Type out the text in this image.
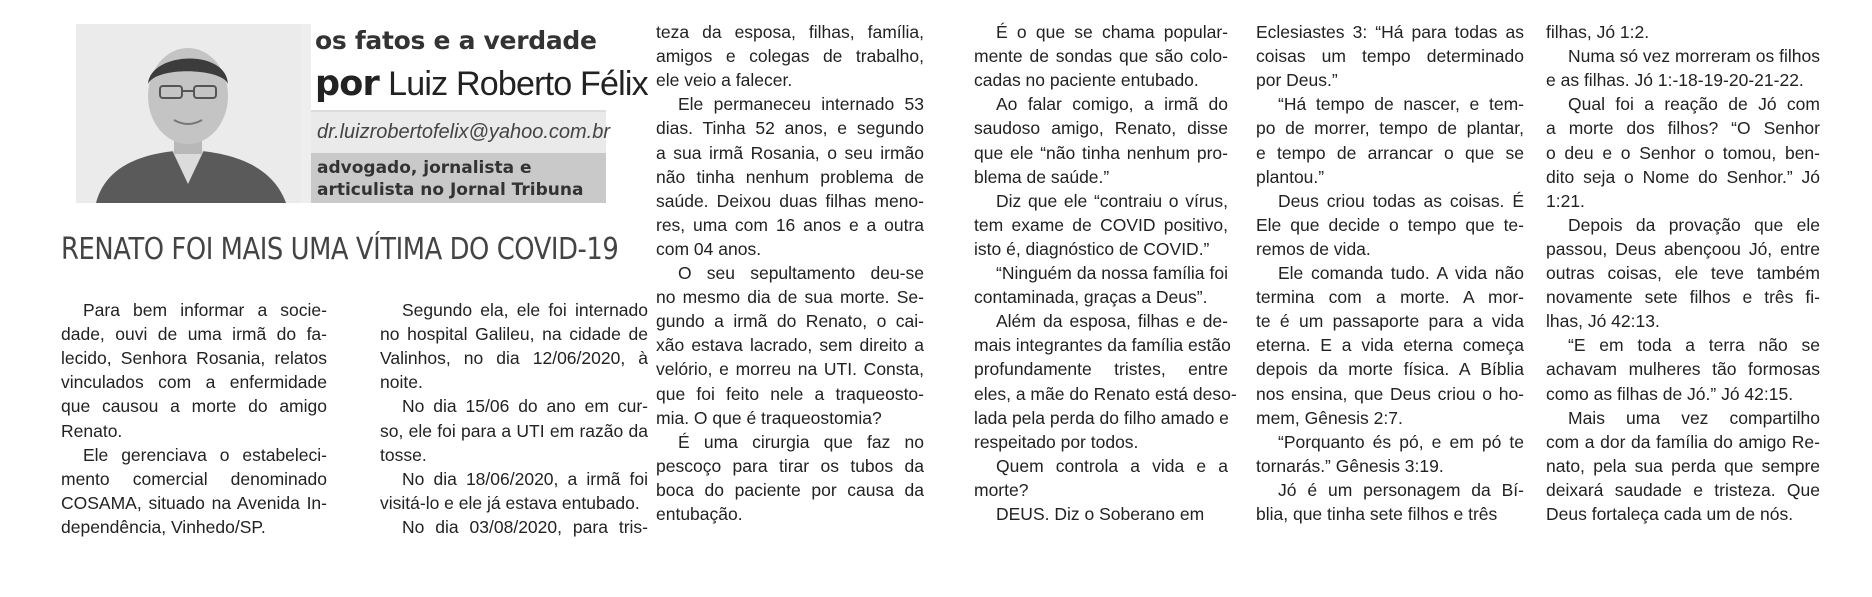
os fatos e a verdade
por Luiz Roberto Félix
dr.luizrobertofelix@yahoo.com.br
advogado, jornalista e
articulista no Jornal Tribuna
RENATO FOI MAIS UMA VÍTIMA DO COVID-19
Para bem informar a socie-
dade, ouvi de uma irmã do fa-
lecido, Senhora Rosania, relatos
vinculados com a enfermidade
que causou a morte do amigo
Renato.
Ele gerenciava o estabeleci-
mento comercial denominado
COSAMA, situado na Avenida In-
dependência, Vinhedo/SP.
Segundo ela, ele foi internado
no hospital Galileu, na cidade de
Valinhos, no dia 12/06/2020, à
noite.
No dia 15/06 do ano em cur-
so, ele foi para a UTI em razão da
tosse.
No dia 18/06/2020, a irmã foi
visitá-lo e ele já estava entubado.
No dia 03/08/2020, para tris-
teza da esposa, filhas, família,
amigos e colegas de trabalho,
ele veio a falecer.
Ele permaneceu internado 53
dias. Tinha 52 anos, e segundo
a sua irmã Rosania, o seu irmão
não tinha nenhum problema de
saúde. Deixou duas filhas meno-
res, uma com 16 anos e a outra
com 04 anos.
O seu sepultamento deu-se
no mesmo dia de sua morte. Se-
gundo a irmã do Renato, o cai-
xão estava lacrado, sem direito a
velório, e morreu na UTI. Consta,
que foi feito nele a traqueosto-
mia. O que é traqueostomia?
É uma cirurgia que faz no
pescoço para tirar os tubos da
boca do paciente por causa da
entubação.
É o que se chama popular-
mente de sondas que são colo-
cadas no paciente entubado.
Ao falar comigo, a irmã do
saudoso amigo, Renato, disse
que ele “não tinha nenhum pro-
blema de saúde.”
Diz que ele “contraiu o vírus,
tem exame de COVID positivo,
isto é, diagnóstico de COVID.”
“Ninguém da nossa família foi
contaminada, graças a Deus”.
Além da esposa, filhas e de-
mais integrantes da família estão
profundamente tristes, entre
eles, a mãe do Renato está deso-
lada pela perda do filho amado e
respeitado por todos.
Quem controla a vida e a
morte?
DEUS. Diz o Soberano em
Eclesiastes 3: “Há para todas as
coisas um tempo determinado
por Deus.”
“Há tempo de nascer, e tem-
po de morrer, tempo de plantar,
e tempo de arrancar o que se
plantou.”
Deus criou todas as coisas. É
Ele que decide o tempo que te-
remos de vida.
Ele comanda tudo. A vida não
termina com a morte. A mor-
te é um passaporte para a vida
eterna. E a vida eterna começa
depois da morte física. A Bíblia
nos ensina, que Deus criou o ho-
mem, Gênesis 2:7.
“Porquanto és pó, e em pó te
tornarás.” Gênesis 3:19.
Jó é um personagem da Bí-
blia, que tinha sete filhos e três
filhas, Jó 1:2.
Numa só vez morreram os filhos
e as filhas. Jó 1:-18-19-20-21-22.
Qual foi a reação de Jó com
a morte dos filhos? “O Senhor
o deu e o Senhor o tomou, ben-
dito seja o Nome do Senhor.” Jó
1:21.
Depois da provação que ele
passou, Deus abençoou Jó, entre
outras coisas, ele teve também
novamente sete filhos e três fi-
lhas, Jó 42:13.
“E em toda a terra não se
achavam mulheres tão formosas
como as filhas de Jó.” Jó 42:15.
Mais uma vez compartilho
com a dor da família do amigo Re-
nato, pela sua perda que sempre
deixará saudade e tristeza. Que
Deus fortaleça cada um de nós.
